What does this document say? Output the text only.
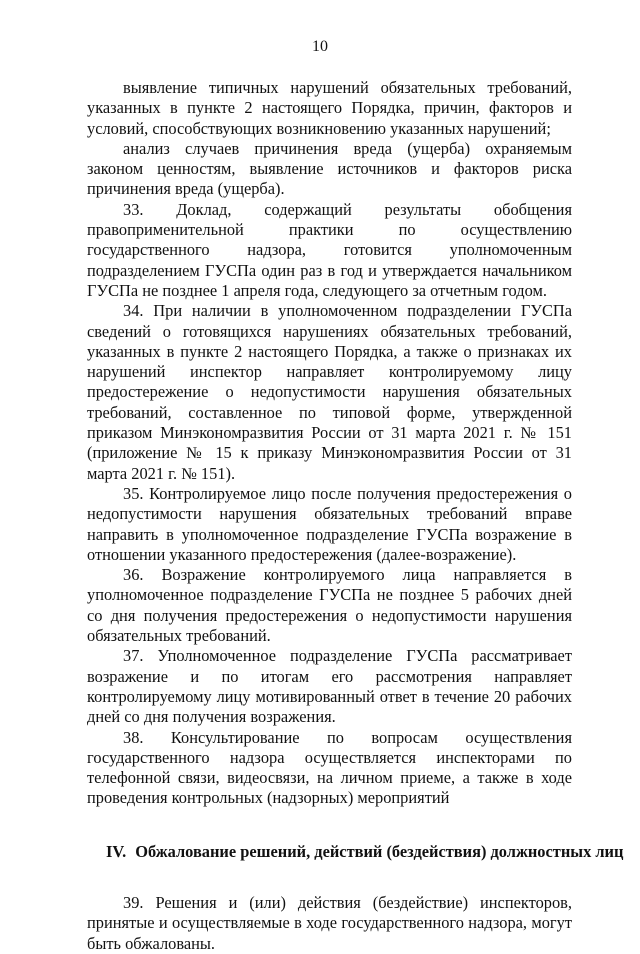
10

выявление типичных нарушений обязательных требований, указанных в пункте 2 настоящего Порядка, причин, факторов и условий, способствующих возникновению указанных нарушений;

анализ случаев причинения вреда (ущерба) охраняемым законом ценностям, выявление источников и факторов риска причинения вреда (ущерба).

33. Доклад, содержащий результаты обобщения правоприменительной практики по осуществлению государственного надзора, готовится уполномоченным подразделением ГУСПа один раз в год и утверждается начальником ГУСПа не позднее 1 апреля года, следующего за отчетным годом.

34. При наличии в уполномоченном подразделении ГУСПа сведений о готовящихся нарушениях обязательных требований, указанных в пункте 2 настоящего Порядка, а также о признаках их нарушений инспектор направляет контролируемому лицу предостережение о недопустимости нарушения обязательных требований, составленное по типовой форме, утвержденной приказом Минэкономразвития России от 31 марта 2021 г. № 151 (приложение № 15 к приказу Минэкономразвития России от 31 марта 2021 г. № 151).

35. Контролируемое лицо после получения предостережения о недопустимости нарушения обязательных требований вправе направить в уполномоченное подразделение ГУСПа возражение в отношении указанного предостережения (далее-возражение).

36. Возражение контролируемого лица направляется в уполномоченное подразделение ГУСПа не позднее 5 рабочих дней со дня получения предостережения о недопустимости нарушения обязательных требований.

37. Уполномоченное подразделение ГУСПа рассматривает возражение и по итогам его рассмотрения направляет контролируемому лицу мотивированный ответ в течение 20 рабочих дней со дня получения возражения.

38. Консультирование по вопросам осуществления государственного надзора осуществляется инспекторами по телефонной связи, видеосвязи, на личном приеме, а также в ходе проведения контрольных (надзорных) мероприятий

IV. Обжалование решений, действий (бездействия) должностных лиц

39. Решения и (или) действия (бездействие) инспекторов, принятые и осуществляемые в ходе государственного надзора, могут быть обжалованы.
